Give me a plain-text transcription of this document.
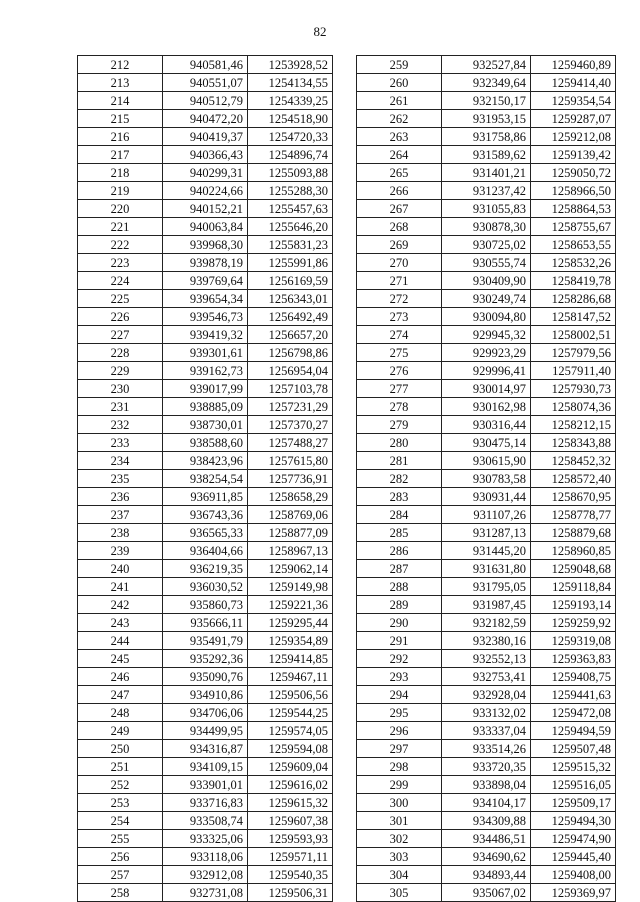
82
212	940581,46	1253928,52
213	940551,07	1254134,55
214	940512,79	1254339,25
215	940472,20	1254518,90
216	940419,37	1254720,33
217	940366,43	1254896,74
218	940299,31	1255093,88
219	940224,66	1255288,30
220	940152,21	1255457,63
221	940063,84	1255646,20
222	939968,30	1255831,23
223	939878,19	1255991,86
224	939769,64	1256169,59
225	939654,34	1256343,01
226	939546,73	1256492,49
227	939419,32	1256657,20
228	939301,61	1256798,86
229	939162,73	1256954,04
230	939017,99	1257103,78
231	938885,09	1257231,29
232	938730,01	1257370,27
233	938588,60	1257488,27
234	938423,96	1257615,80
235	938254,54	1257736,91
236	936911,85	1258658,29
237	936743,36	1258769,06
238	936565,33	1258877,09
239	936404,66	1258967,13
240	936219,35	1259062,14
241	936030,52	1259149,98
242	935860,73	1259221,36
243	935666,11	1259295,44
244	935491,79	1259354,89
245	935292,36	1259414,85
246	935090,76	1259467,11
247	934910,86	1259506,56
248	934706,06	1259544,25
249	934499,95	1259574,05
250	934316,87	1259594,08
251	934109,15	1259609,04
252	933901,01	1259616,02
253	933716,83	1259615,32
254	933508,74	1259607,38
255	933325,06	1259593,93
256	933118,06	1259571,11
257	932912,08	1259540,35
258	932731,08	1259506,31
259	932527,84	1259460,89
260	932349,64	1259414,40
261	932150,17	1259354,54
262	931953,15	1259287,07
263	931758,86	1259212,08
264	931589,62	1259139,42
265	931401,21	1259050,72
266	931237,42	1258966,50
267	931055,83	1258864,53
268	930878,30	1258755,67
269	930725,02	1258653,55
270	930555,74	1258532,26
271	930409,90	1258419,78
272	930249,74	1258286,68
273	930094,80	1258147,52
274	929945,32	1258002,51
275	929923,29	1257979,56
276	929996,41	1257911,40
277	930014,97	1257930,73
278	930162,98	1258074,36
279	930316,44	1258212,15
280	930475,14	1258343,88
281	930615,90	1258452,32
282	930783,58	1258572,40
283	930931,44	1258670,95
284	931107,26	1258778,77
285	931287,13	1258879,68
286	931445,20	1258960,85
287	931631,80	1259048,68
288	931795,05	1259118,84
289	931987,45	1259193,14
290	932182,59	1259259,92
291	932380,16	1259319,08
292	932552,13	1259363,83
293	932753,41	1259408,75
294	932928,04	1259441,63
295	933132,02	1259472,08
296	933337,04	1259494,59
297	933514,26	1259507,48
298	933720,35	1259515,32
299	933898,04	1259516,05
300	934104,17	1259509,17
301	934309,88	1259494,30
302	934486,51	1259474,90
303	934690,62	1259445,40
304	934893,44	1259408,00
305	935067,02	1259369,97
